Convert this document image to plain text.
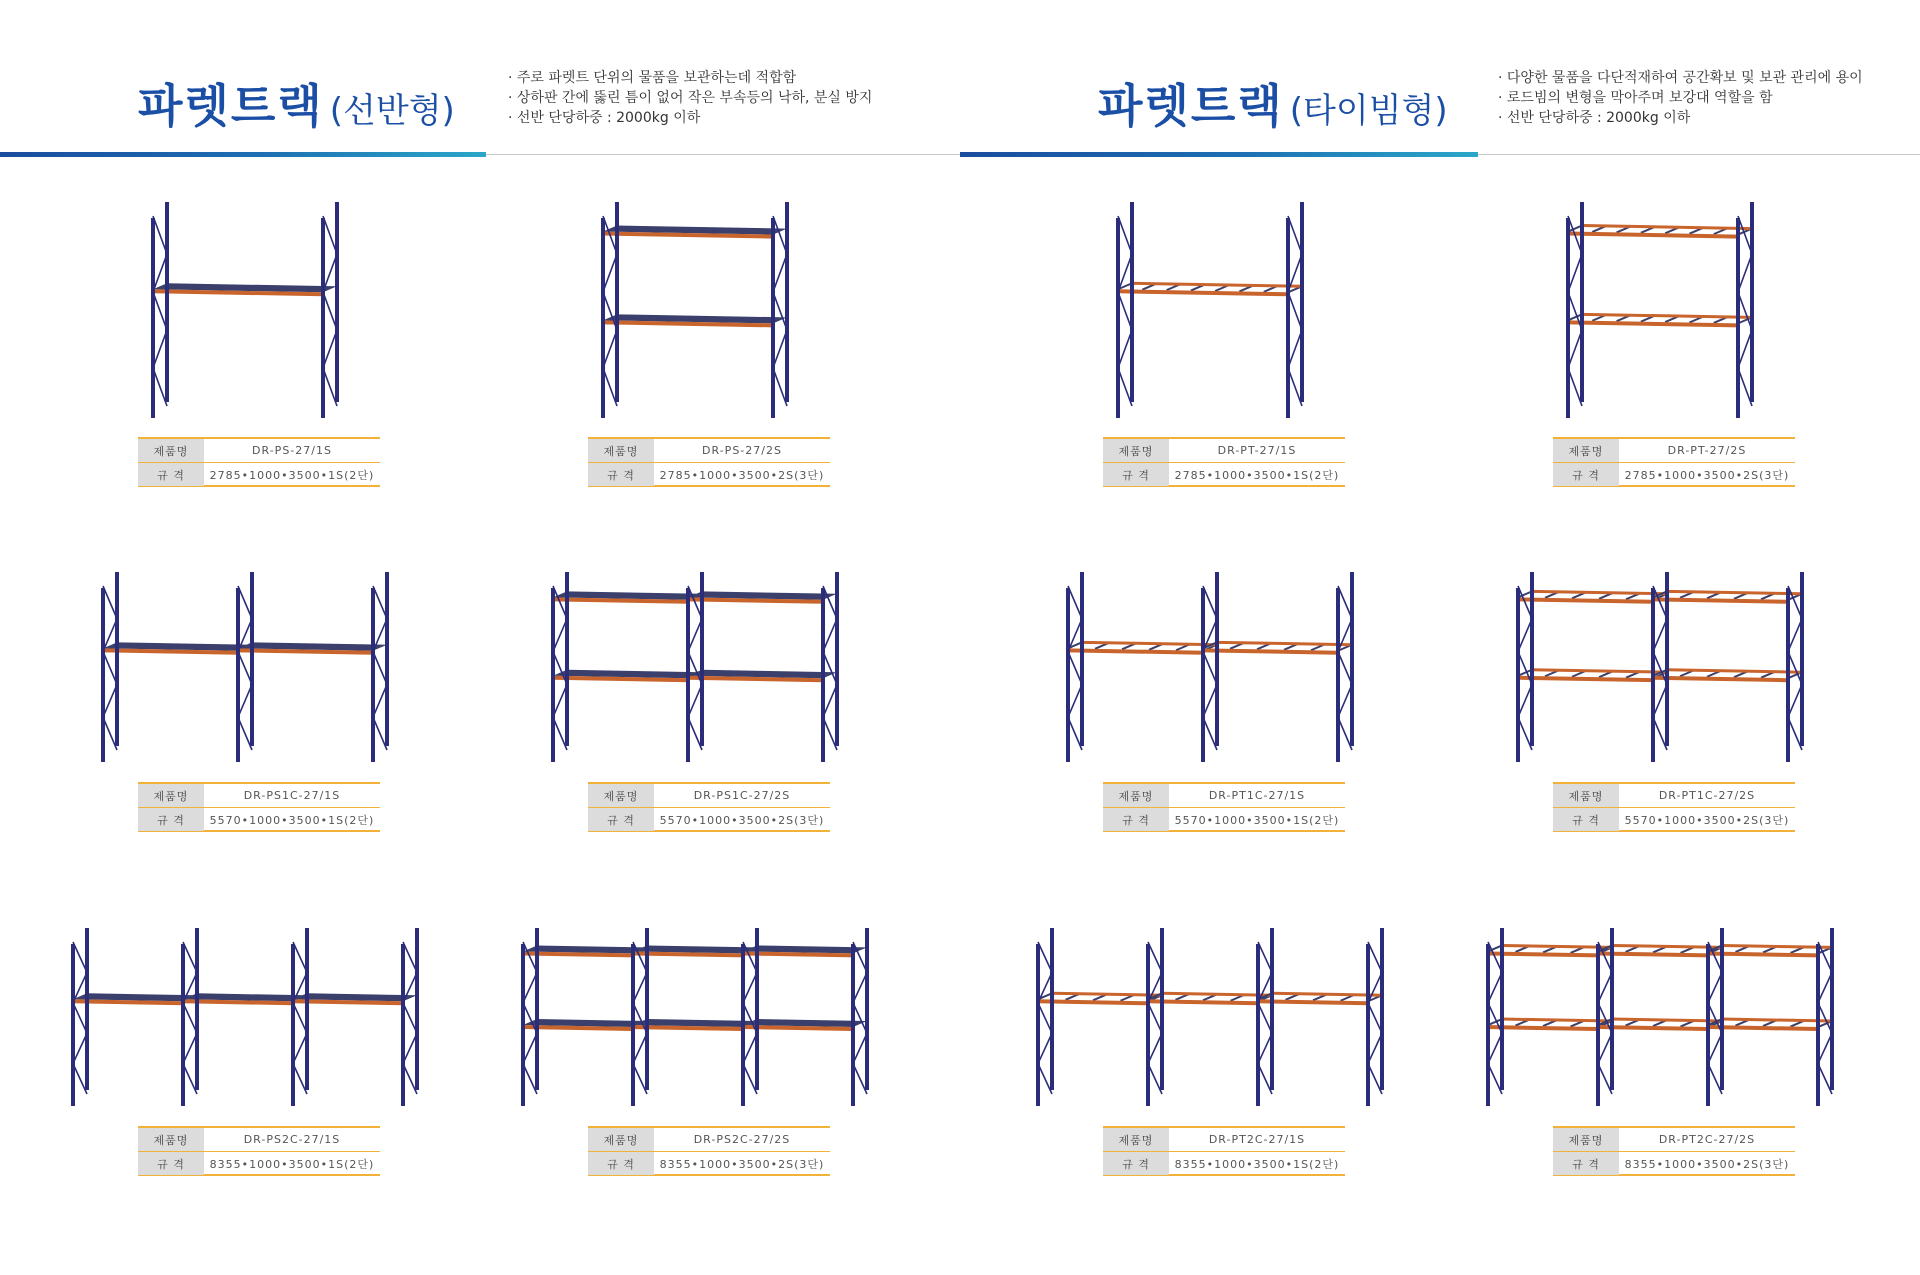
파렛트랙 (선반형)
· 주로 파렛트 단위의 물품을 보관하는데 적합함
· 상하판 간에 뚫린 틈이 없어 작은 부속등의 낙하, 분실 방지
· 선반 단당하중 : 2000kg 이하	파렛트랙 (타이빔형)
· 다양한 물품을 다단적재하여 공간확보 및 보관 관리에 용이
· 로드빔의 변형을 막아주며 보강대 역할을 함
· 선반 단당하중 : 2000kg 이하
제품명	DR-PS-27/1S
규 격	2785•1000•3500•1S(2단)
제품명	DR-PS-27/2S
규 격	2785•1000•3500•2S(3단)
제품명	DR-PS1C-27/1S
규 격	5570•1000•3500•1S(2단)
제품명	DR-PS1C-27/2S
규 격	5570•1000•3500•2S(3단)
제품명	DR-PS2C-27/1S
규 격	8355•1000•3500•1S(2단)
제품명	DR-PS2C-27/2S
규 격	8355•1000•3500•2S(3단)
제품명	DR-PT-27/1S
규 격	2785•1000•3500•1S(2단)
제품명	DR-PT-27/2S
규 격	2785•1000•3500•2S(3단)
제품명	DR-PT1C-27/1S
규 격	5570•1000•3500•1S(2단)
제품명	DR-PT1C-27/2S
규 격	5570•1000•3500•2S(3단)
제품명	DR-PT2C-27/1S
규 격	8355•1000•3500•1S(2단)
제품명	DR-PT2C-27/2S
규 격	8355•1000•3500•2S(3단)
